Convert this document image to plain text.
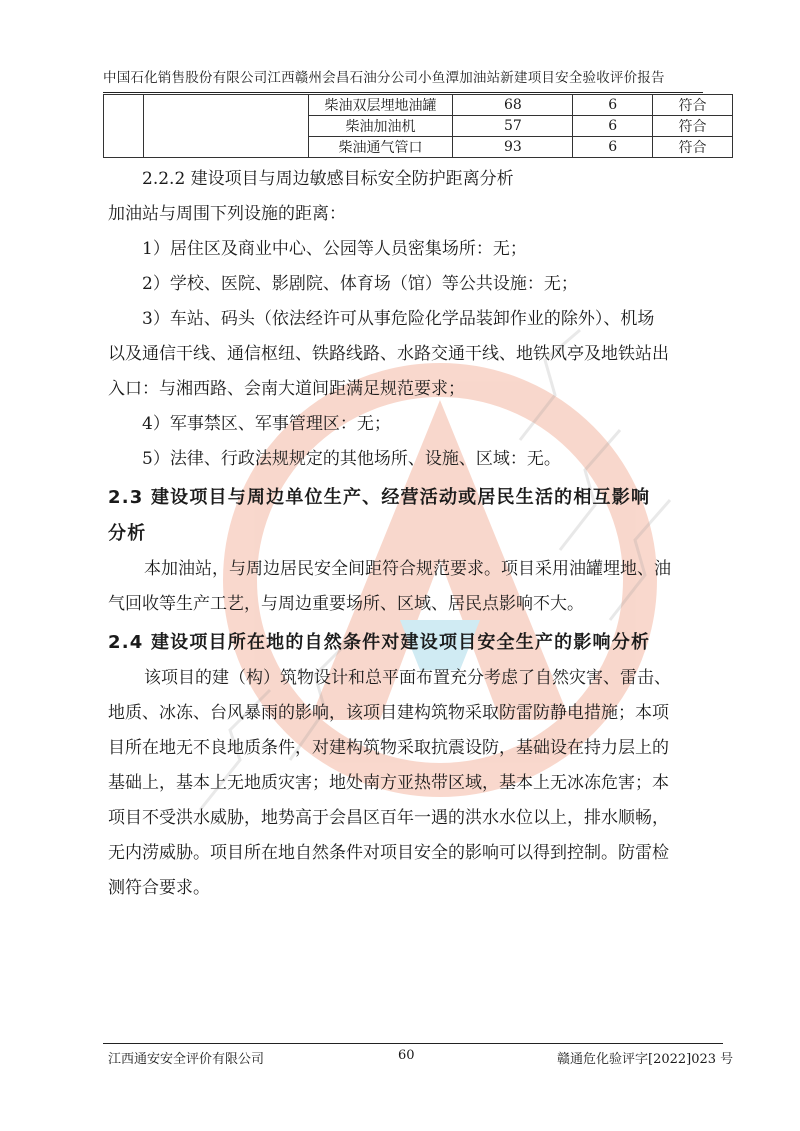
中国石化销售股份有限公司江西赣州会昌石油分公司小鱼潭加油站新建项目安全验收评价报告
		柴油双层埋地油罐	68	6	符合
		柴油加油机	57	6	符合
		柴油通气管口	93	6	符合

2.2.2 建设项目与周边敏感目标安全防护距离分析

加油站与周围下列设施的距离：

1）居住区及商业中心、公园等人员密集场所：无；

2）学校、医院、影剧院、体育场（馆）等公共设施：无；

3）车站、码头（依法经许可从事危险化学品装卸作业的除外）、机场

以及通信干线、通信枢纽、铁路线路、水路交通干线、地铁风亭及地铁站出

入口：与湘西路、会南大道间距满足规范要求；

4）军事禁区、军事管理区：无；

5）法律、行政法规规定的其他场所、设施、区域：无。

2.3 建设项目与周边单位生产、经营活动或居民生活的相互影响

分析

本加油站，与周边居民安全间距符合规范要求。项目采用油罐埋地、油

气回收等生产工艺，与周边重要场所、区域、居民点影响不大。

2.4 建设项目所在地的自然条件对建设项目安全生产的影响分析

该项目的建（构）筑物设计和总平面布置充分考虑了自然灾害、雷击、

地质、冰冻、台风暴雨的影响，该项目建构筑物采取防雷防静电措施；本项

目所在地无不良地质条件，对建构筑物采取抗震设防，基础设在持力层上的

基础上，基本上无地质灾害；地处南方亚热带区域，基本上无冰冻危害；本

项目不受洪水威胁，地势高于会昌区百年一遇的洪水水位以上，排水顺畅，

无内涝威胁。项目所在地自然条件对项目安全的影响可以得到控制。防雷检

测符合要求。

江西通安安全评价有限公司	60	赣通危化验评字[2022]023 号
